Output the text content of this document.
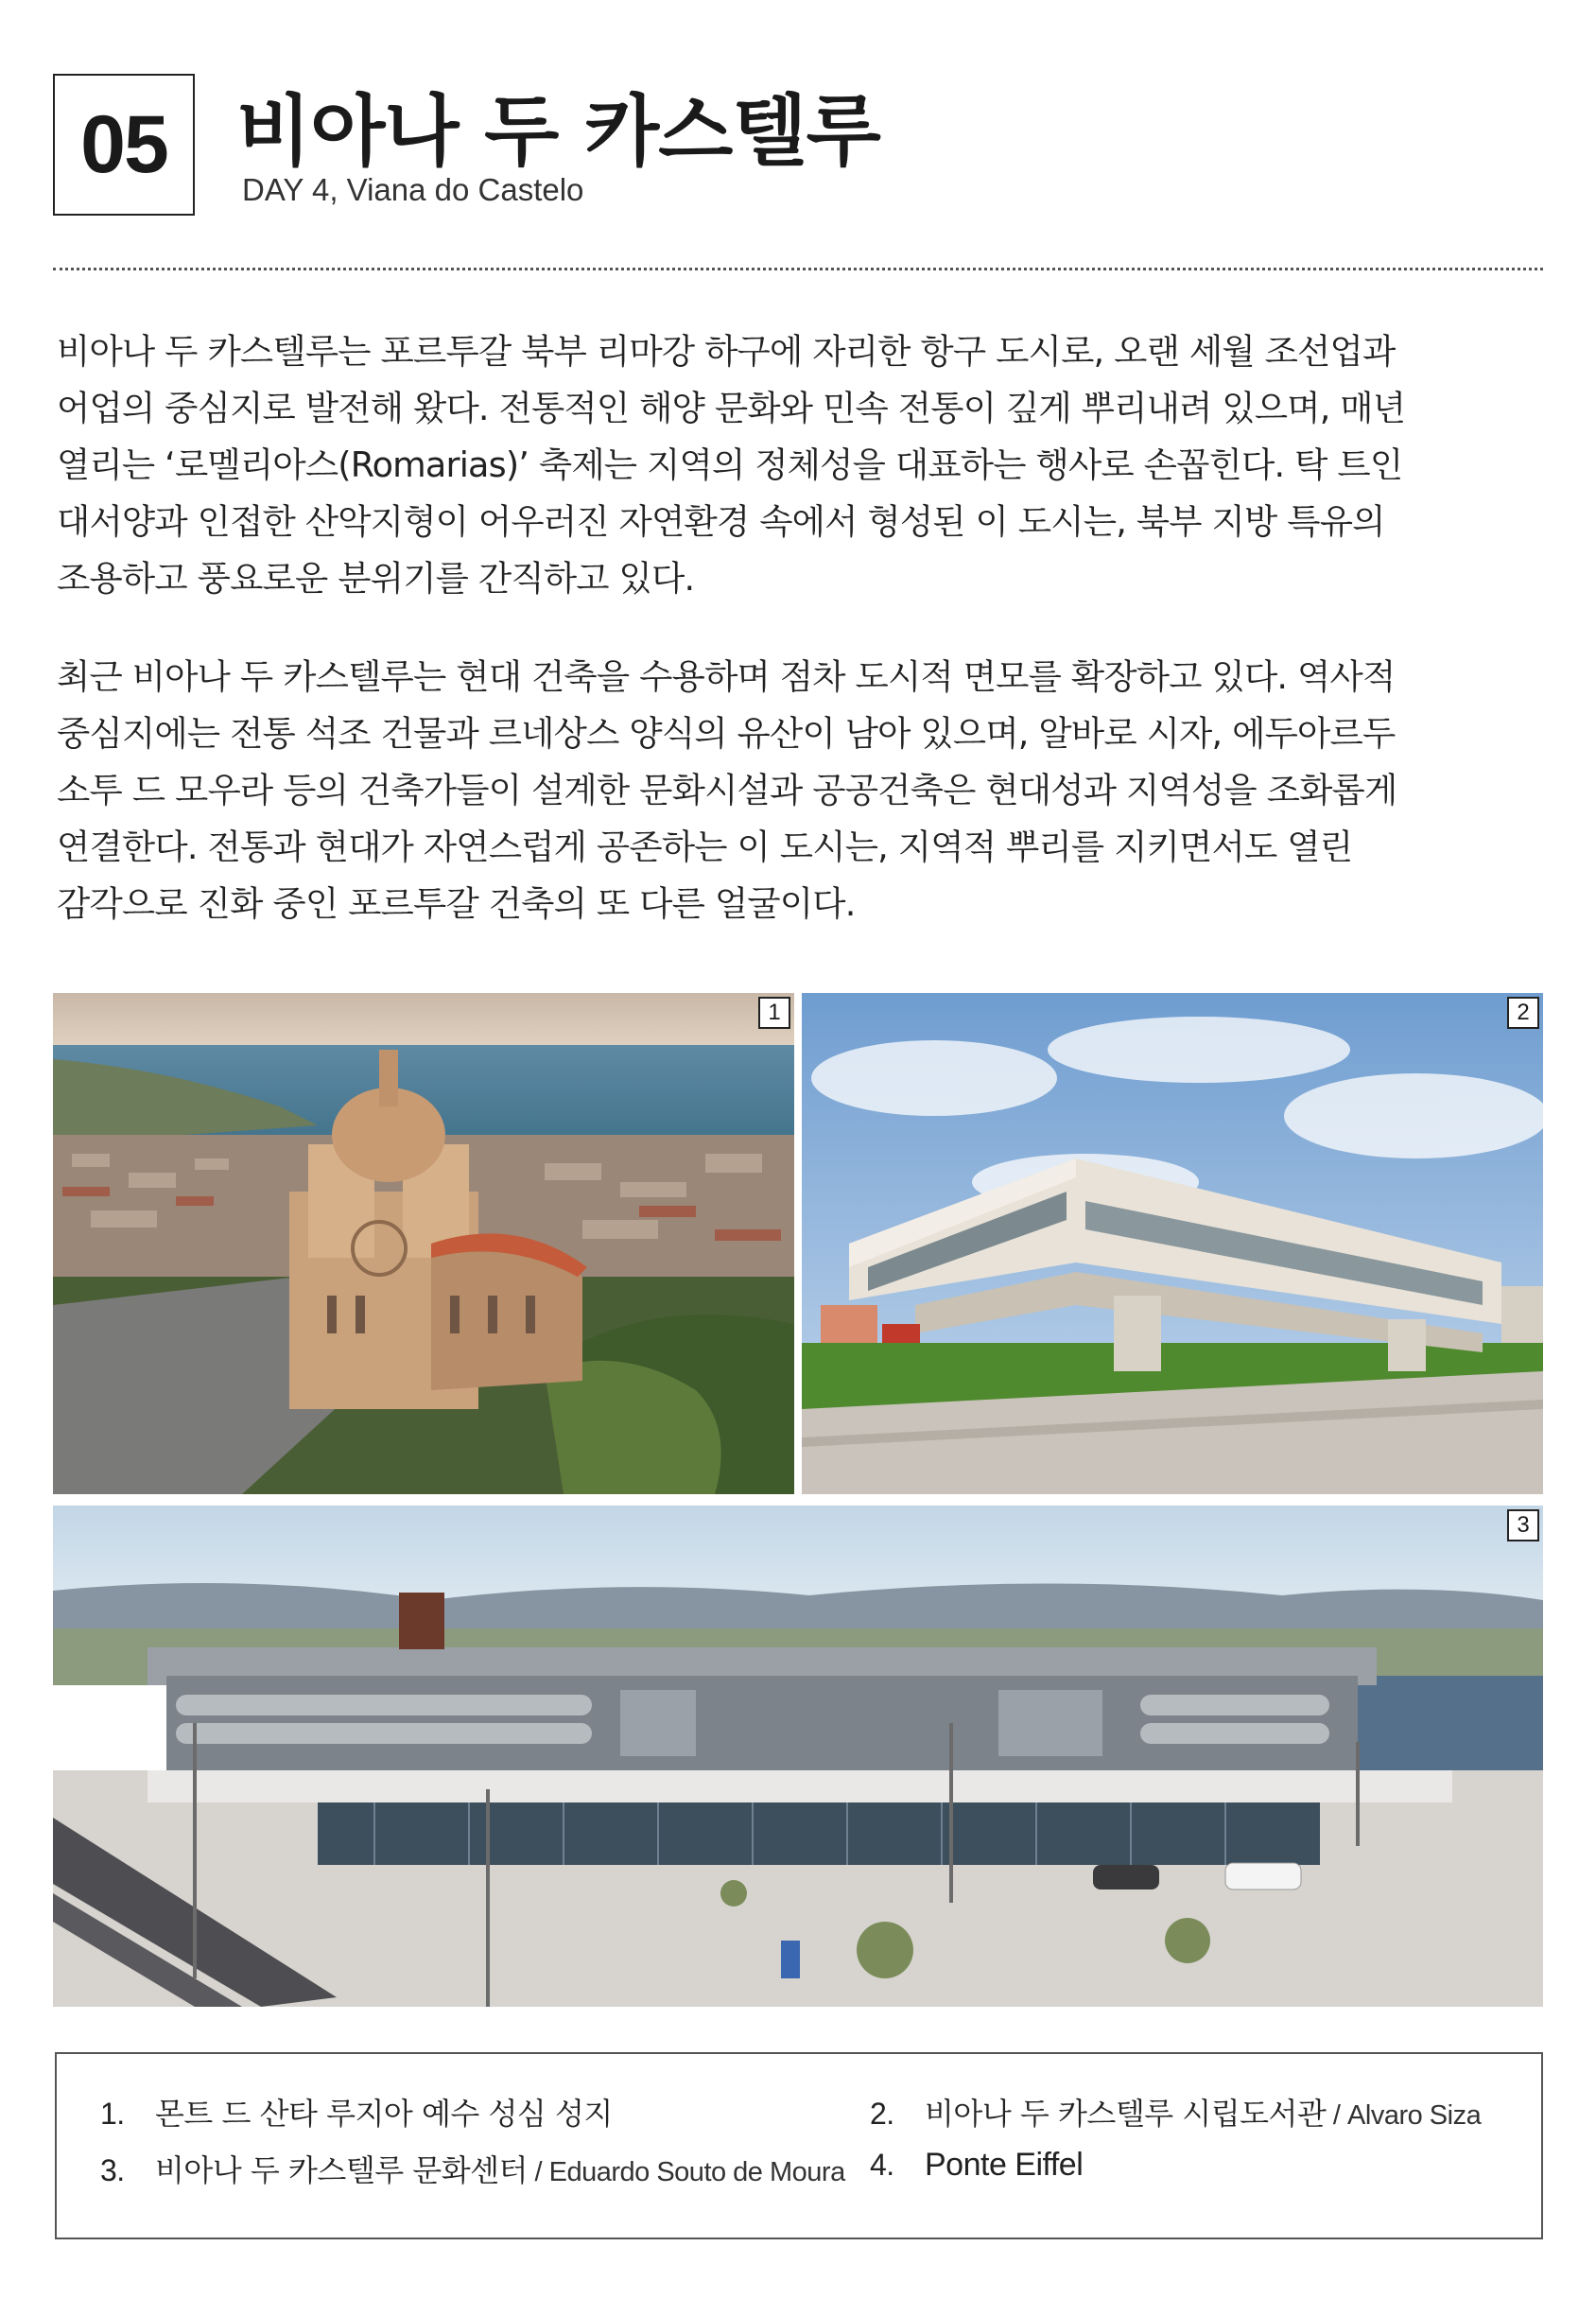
05 비아나 두 카스텔루
DAY 4, Viana do Castelo

비아나 두 카스텔루는 포르투갈 북부 리마강 하구에 자리한 항구 도시로, 오랜 세월 조선업과
어업의 중심지로 발전해 왔다. 전통적인 해양 문화와 민속 전통이 깊게 뿌리내려 있으며, 매년
열리는 ‘로멜리아스(Romarias)’ 축제는 지역의 정체성을 대표하는 행사로 손꼽힌다. 탁 트인
대서양과 인접한 산악지형이 어우러진 자연환경 속에서 형성된 이 도시는, 북부 지방 특유의
조용하고 풍요로운 분위기를 간직하고 있다.

최근 비아나 두 카스텔루는 현대 건축을 수용하며 점차 도시적 면모를 확장하고 있다. 역사적
중심지에는 전통 석조 건물과 르네상스 양식의 유산이 남아 있으며, 알바로 시자, 에두아르두
소투 드 모우라 등의 건축가들이 설계한 문화시설과 공공건축은 현대성과 지역성을 조화롭게
연결한다. 전통과 현대가 자연스럽게 공존하는 이 도시는, 지역적 뿌리를 지키면서도 열린
감각으로 진화 중인 포르투갈 건축의 또 다른 얼굴이다.

1	2
3
1. 몬트 드 산타 루지아 예수 성심 성지	2. 비아나 두 카스텔루 시립도서관 / Alvaro Siza
3. 비아나 두 카스텔루 문화센터 / Eduardo Souto de Moura 4. Ponte Eiffel
